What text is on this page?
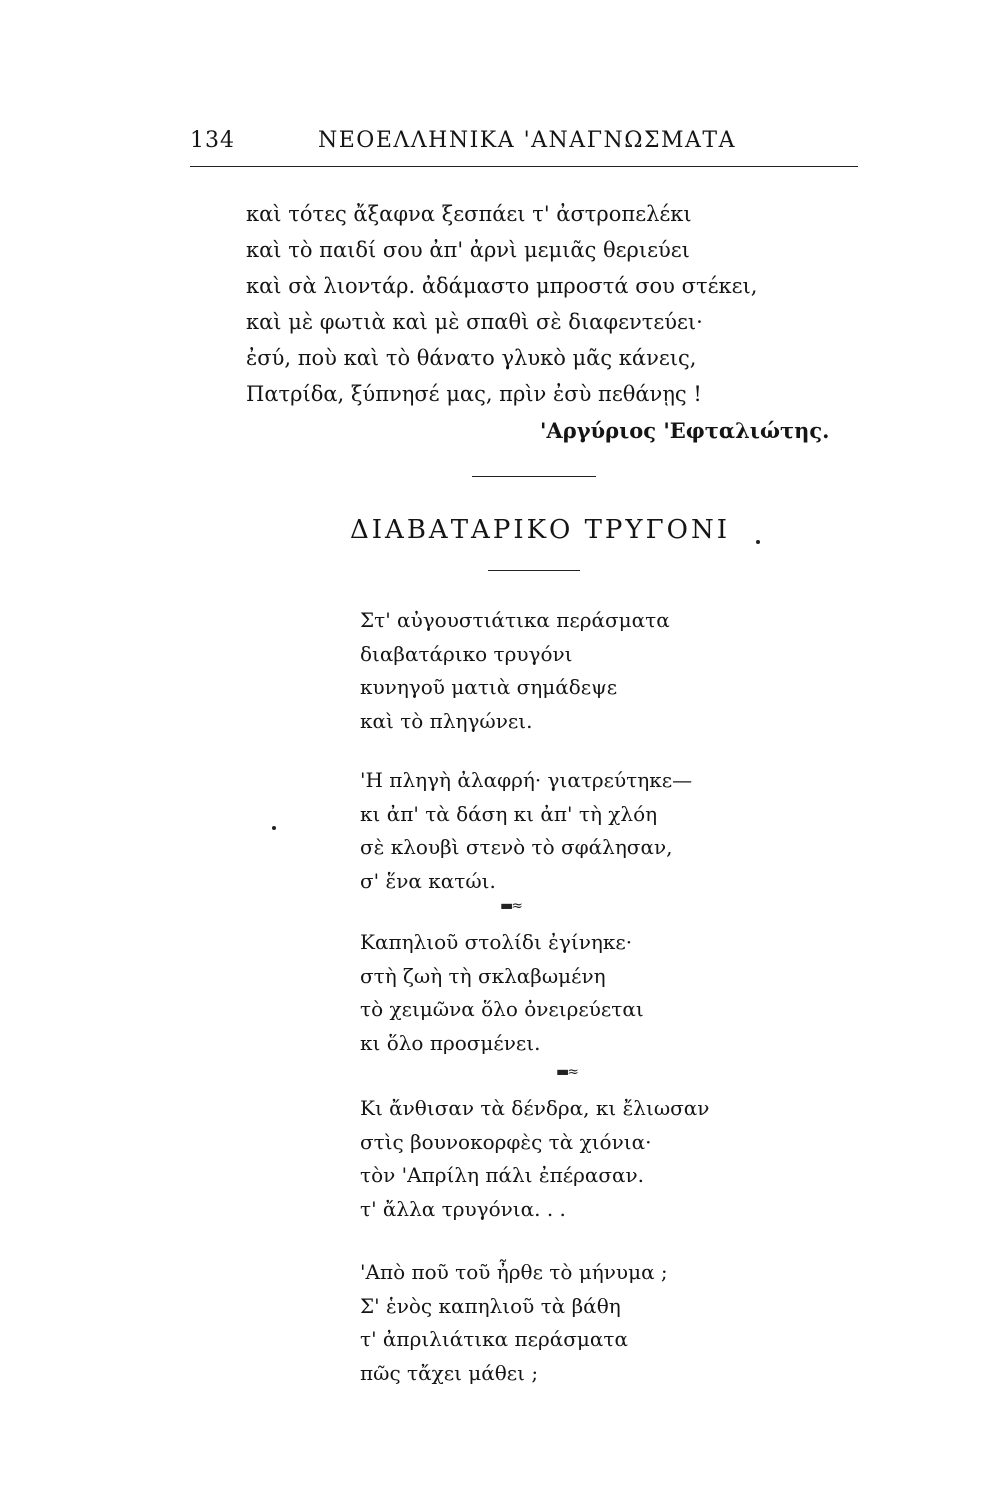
134	ΝΕΟΕΛΛΗΝΙΚΑ 'ΑΝΑΓΝΩΣΜΑΤΑ
καὶ τότες ἄξαφνα ξεσπάει τ' ἀστροπελέκι
καὶ τὸ παιδί σου ἀπ' ἀρνὶ μεμιᾶς θεριεύει
καὶ σὰ λιοντάρ. ἀδάμαστο μπροστά σου στέκει,
καὶ μὲ φωτιὰ καὶ μὲ σπαθὶ σὲ διαφεντεύει·
ἐσύ, ποὺ καὶ τὸ θάνατο γλυκὸ μᾶς κάνεις,
Πατρίδα, ξύπνησέ μας, πρὶν ἐσὺ πεθάνῃς !
'Αργύριος 'Εφταλιώτης.
ΔΙΑΒΑΤΑΡΙΚΟ ΤΡΥΓΟΝΙ
Στ' αὐγουστιάτικα περάσματα
διαβατάρικο τρυγόνι
κυνηγοῦ ματιὰ σημάδεψε
καὶ τὸ πληγώνει.
'Η πληγὴ ἀλαφρή· γιατρεύτηκε—
κι ἀπ' τὰ δάση κι ἀπ' τὴ χλόη
σὲ κλουβὶ στενὸ τὸ σφάλησαν,
σ' ἕνα κατώι.
▬≈
Καπηλιοῦ στολίδι ἐγίνηκε·
στὴ ζωὴ τὴ σκλαβωμένη
τὸ χειμῶνα ὅλο ὀνειρεύεται
κι ὅλο προσμένει.
▬≈
Κι ἄνθισαν τὰ δένδρα, κι ἔλιωσαν
στὶς βουνοκορφὲς τὰ χιόνια·
τὸν 'Απρίλη πάλι ἐπέρασαν.
τ' ἄλλα τρυγόνια. . .
'Απὸ ποῦ τοῦ ἦρθε τὸ μήνυμα ;
Σ' ἑνὸς καπηλιοῦ τὰ βάθη
τ' ἀπριλιάτικα περάσματα
πῶς τἄχει μάθει ;
